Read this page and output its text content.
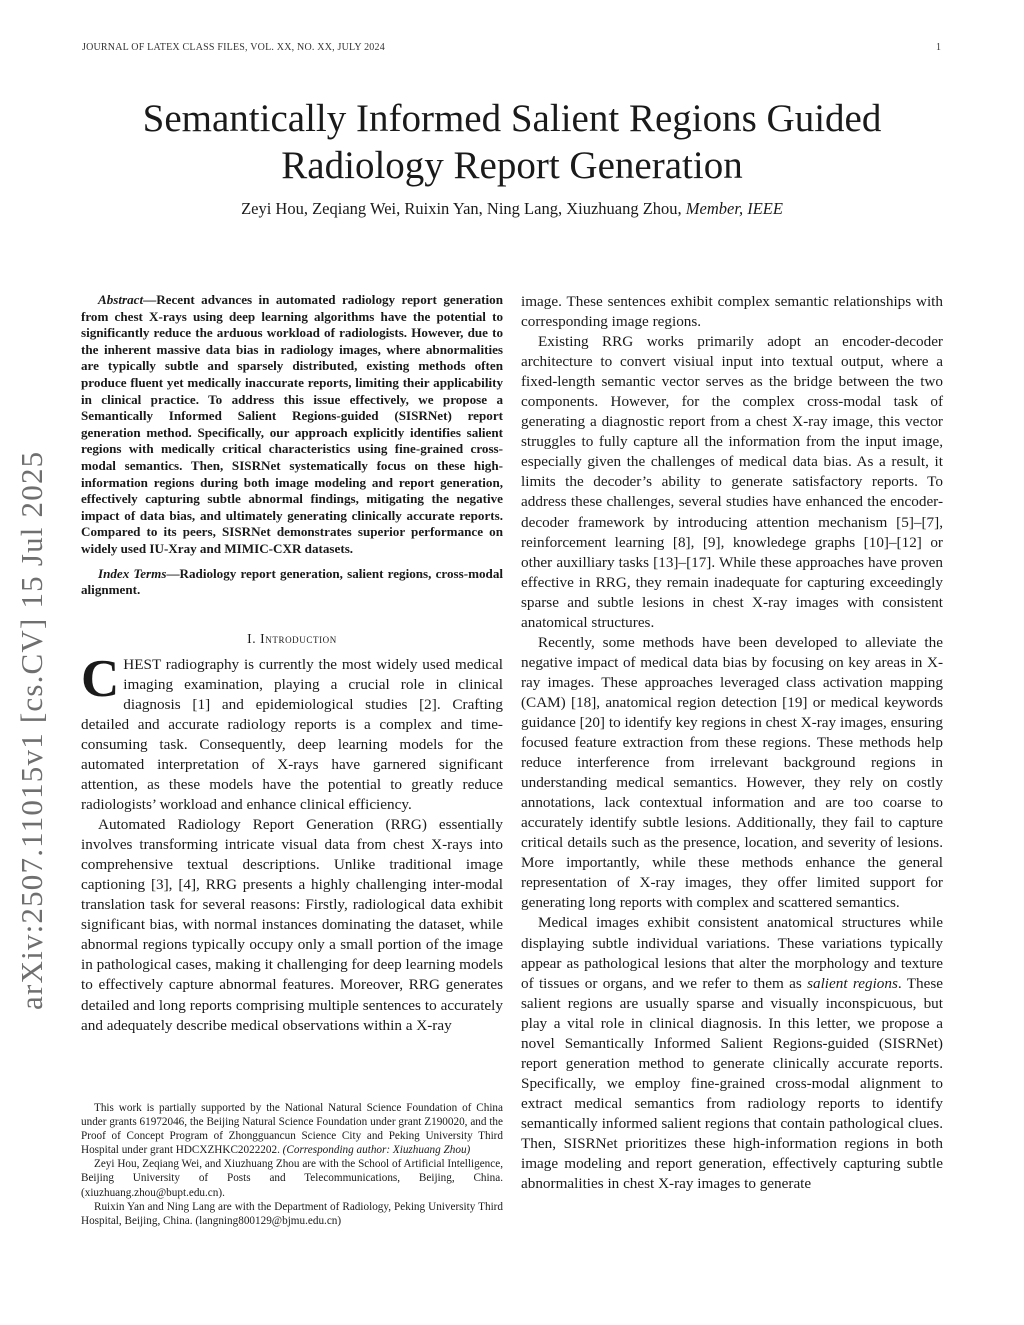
JOURNAL OF LATEX CLASS FILES, VOL. XX, NO. XX, JULY 2024	1
arXiv:2507.11015v1 [cs.CV] 15 Jul 2025
Semantically Informed Salient Regions Guided
Radiology Report Generation
Zeyi Hou, Zeqiang Wei, Ruixin Yan, Ning Lang, Xiuzhuang Zhou, Member, IEEE

Abstract—Recent advances in automated radiology report generation from chest X-rays using deep learning algorithms have the potential to significantly reduce the arduous workload of radiologists. However, due to the inherent massive data bias in radiology images, where abnormalities are typically subtle and sparsely distributed, existing methods often produce fluent yet medically inaccurate reports, limiting their applicability in clinical practice. To address this issue effectively, we propose a Semantically Informed Salient Regions-guided (SISRNet) report generation method. Specifically, our approach explicitly identifies salient regions with medically critical characteristics using fine-grained cross-modal semantics. Then, SISRNet systematically focus on these high-information regions during both image modeling and report generation, effectively capturing subtle abnormal findings, mitigating the negative impact of data bias, and ultimately generating clinically accurate reports. Compared to its peers, SISRNet demonstrates superior performance on widely used IU-Xray and MIMIC-CXR datasets.

Index Terms—Radiology report generation, salient regions, cross-modal alignment.

I. Introduction

CHEST radiography is currently the most widely used medical imaging examination, playing a crucial role in clinical diagnosis [1] and epidemiological studies [2]. Crafting detailed and accurate radiology reports is a complex and time-consuming task. Consequently, deep learning models for the automated interpretation of X-rays have garnered significant attention, as these models have the potential to greatly reduce radiologists’ workload and enhance clinical efficiency.

Automated Radiology Report Generation (RRG) essentially involves transforming intricate visual data from chest X-rays into comprehensive textual descriptions. Unlike traditional image captioning [3], [4], RRG presents a highly challenging inter-modal translation task for several reasons: Firstly, radiological data exhibit significant bias, with normal instances dominating the dataset, while abnormal regions typically occupy only a small portion of the image in pathological cases, making it challenging for deep learning models to effectively capture abnormal features. Moreover, RRG generates detailed and long reports comprising multiple sentences to accurately and adequately describe medical observations within a X-ray

This work is partially supported by the National Natural Science Foundation of China under grants 61972046, the Beijing Natural Science Foundation under grant Z190020, and the Proof of Concept Program of Zhongguancun Science City and Peking University Third Hospital under grant HDCXZHKC2022202. (Corresponding author: Xiuzhuang Zhou)

Zeyi Hou, Zeqiang Wei, and Xiuzhuang Zhou are with the School of Artificial Intelligence, Beijing University of Posts and Telecommunications, Beijing, China. (xiuzhuang.zhou@bupt.edu.cn).

Ruixin Yan and Ning Lang are with the Department of Radiology, Peking University Third Hospital, Beijing, China. (langning800129@bjmu.edu.cn)

image. These sentences exhibit complex semantic relationships with corresponding image regions.

Existing RRG works primarily adopt an encoder-decoder architecture to convert visiual input into textual output, where a fixed-length semantic vector serves as the bridge between the two components. However, for the complex cross-modal task of generating a diagnostic report from a chest X-ray image, this vector struggles to fully capture all the information from the input image, especially given the challenges of medical data bias. As a result, it limits the decoder’s ability to generate satisfactory reports. To address these challenges, several studies have enhanced the encoder-decoder framework by introducing attention mechanism [5]–[7], reinforcement learning [8], [9], knowledege graphs [10]–[12] or other auxilliary tasks [13]–[17]. While these approaches have proven effective in RRG, they remain inadequate for capturing exceedingly sparse and subtle lesions in chest X-ray images with consistent anatomical structures.

Recently, some methods have been developed to alleviate the negative impact of medical data bias by focusing on key areas in X-ray images. These approaches leveraged class activation mapping (CAM) [18], anatomical region detection [19] or medical keywords guidance [20] to identify key regions in chest X-ray images, ensuring focused feature extraction from these regions. These methods help reduce interference from irrelevant background regions in understanding medical semantics. However, they rely on costly annotations, lack contextual information and are too coarse to accurately identify subtle lesions. Additionally, they fail to capture critical details such as the presence, location, and severity of lesions. More importantly, while these methods enhance the general representation of X-ray images, they offer limited support for generating long reports with complex and scattered semantics.

Medical images exhibit consistent anatomical structures while displaying subtle individual variations. These variations typically appear as pathological lesions that alter the morphology and texture of tissues or organs, and we refer to them as salient regions. These salient regions are usually sparse and visually inconspicuous, but play a vital role in clinical diagnosis. In this letter, we propose a novel Semantically Informed Salient Regions-guided (SISRNet) report generation method to generate clinically accurate reports. Specifically, we employ fine-grained cross-modal alignment to extract medical semantics from radiology reports to identify semantically informed salient regions that contain pathological clues. Then, SISRNet prioritizes these high-information regions in both image modeling and report generation, effectively capturing subtle abnormalities in chest X-ray images to generate
